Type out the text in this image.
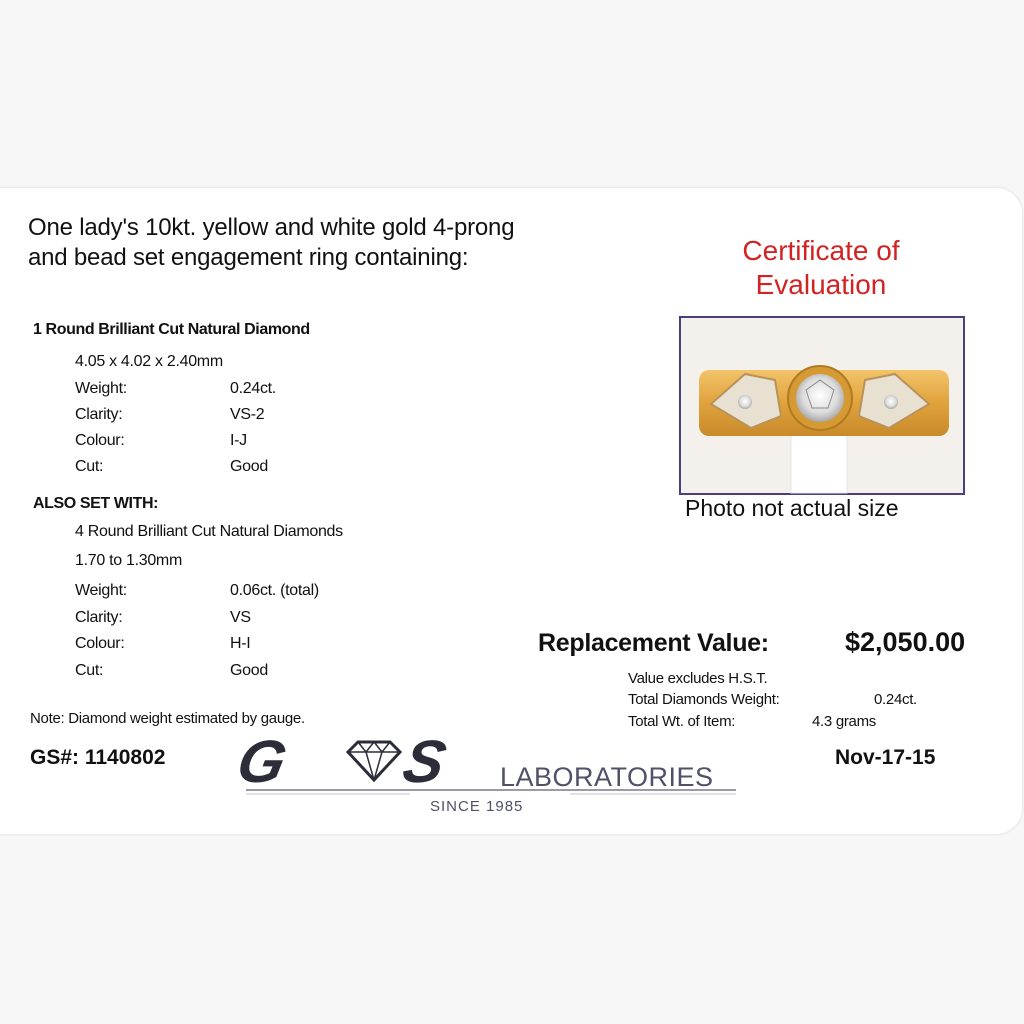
One lady's 10kt. yellow and white gold 4-prong
and bead set engagement ring containing:
1 Round Brilliant Cut Natural Diamond
4.05 x 4.02 x 2.40mm
Weight:	0.24ct.
Clarity:	VS-2
Colour:	I-J
Cut:	Good
ALSO SET WITH:
4 Round Brilliant Cut Natural Diamonds
1.70 to 1.30mm
Weight:	0.06ct. (total)
Clarity:	VS
Colour:	H-I
Cut:	Good
Note: Diamond weight estimated by gauge.
Certificate of
Evaluation
Photo not actual size
Replacement Value:	$2,050.00
Value excludes H.S.T.
Total Diamonds Weight:	0.24ct.
Total Wt. of Item:	4.3 grams
GS#: 1140802	Nov-17-15
G S LABORATORIES
SINCE 1985
